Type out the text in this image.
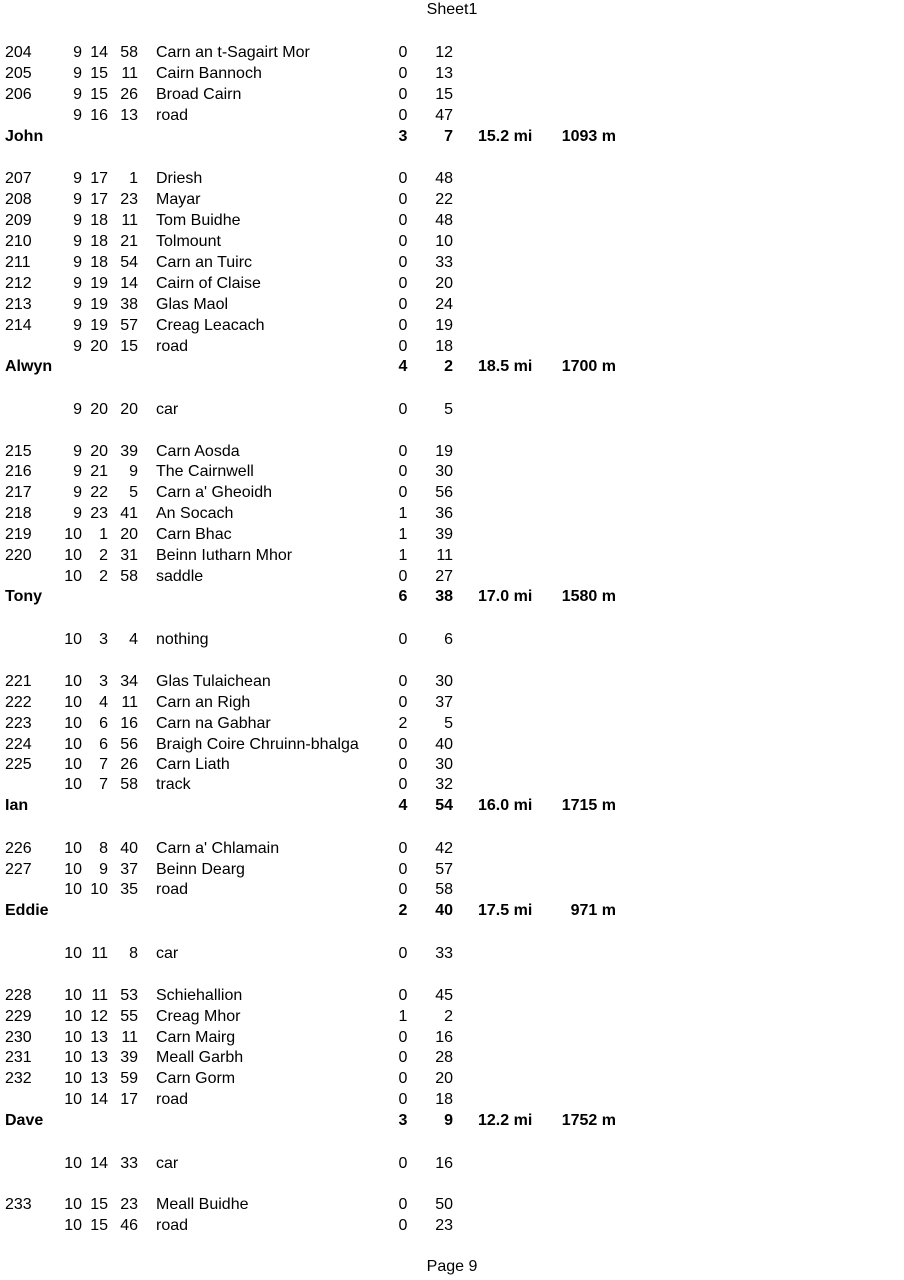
Sheet1
204	9 14 58 Carn an t-Sagairt Mor	0	12
205	9 15 11 Cairn Bannoch	0	13
206	9 15 26 Broad Cairn	0	15
9 16 13 road	0	47
John	3	7 15.2 mi	1093 m
207	9 17	1 Driesh	0	48
208	9 17 23 Mayar	0	22
209	9 18 11 Tom Buidhe	0	48
210	9 18 21 Tolmount	0	10
211	9 18 54 Carn an Tuirc	0	33
212	9 19 14 Cairn of Claise	0	20
213	9 19 38 Glas Maol	0	24
214	9 19 57 Creag Leacach	0	19
9 20 15 road	0	18
Alwyn	4	2 18.5 mi	1700 m
9 20 20 car	0	5
215	9 20 39 Carn Aosda	0	19
216	9 21	9 The Cairnwell	0	30
217	9 22	5 Carn a' Gheoidh	0	56
218	9 23 41 An Socach	1	36
219	10	1 20 Carn Bhac	1	39
220	10	2 31 Beinn Iutharn Mhor	1	11
10	2 58 saddle	0	27
Tony	6	38 17.0 mi	1580 m
10	3	4 nothing	0	6
221	10	3 34 Glas Tulaichean	0	30
222	10	4 11 Carn an Righ	0	37
223	10	6 16 Carn na Gabhar	2	5
224	10	6 56 Braigh Coire Chruinn-bhalga 0	40
225	10	7 26 Carn Liath	0	30
10	7 58 track	0	32
Ian	4	54 16.0 mi	1715 m
226	10	8 40 Carn a' Chlamain	0	42
227	10	9 37 Beinn Dearg	0	57
10 10 35 road	0	58
Eddie	2	40 17.5 mi	971 m
10 11	8 car	0	33
228	10 11 53 Schiehallion	0	45
229	10 12 55 Creag Mhor	1	2
230	10 13 11 Carn Mairg	0	16
231	10 13 39 Meall Garbh	0	28
232	10 13 59 Carn Gorm	0	20
10 14 17 road	0	18
Dave	3	9 12.2 mi	1752 m
10 14 33 car	0	16
233	10 15 23 Meall Buidhe	0	50
10 15 46 road	0	23
Page 9
